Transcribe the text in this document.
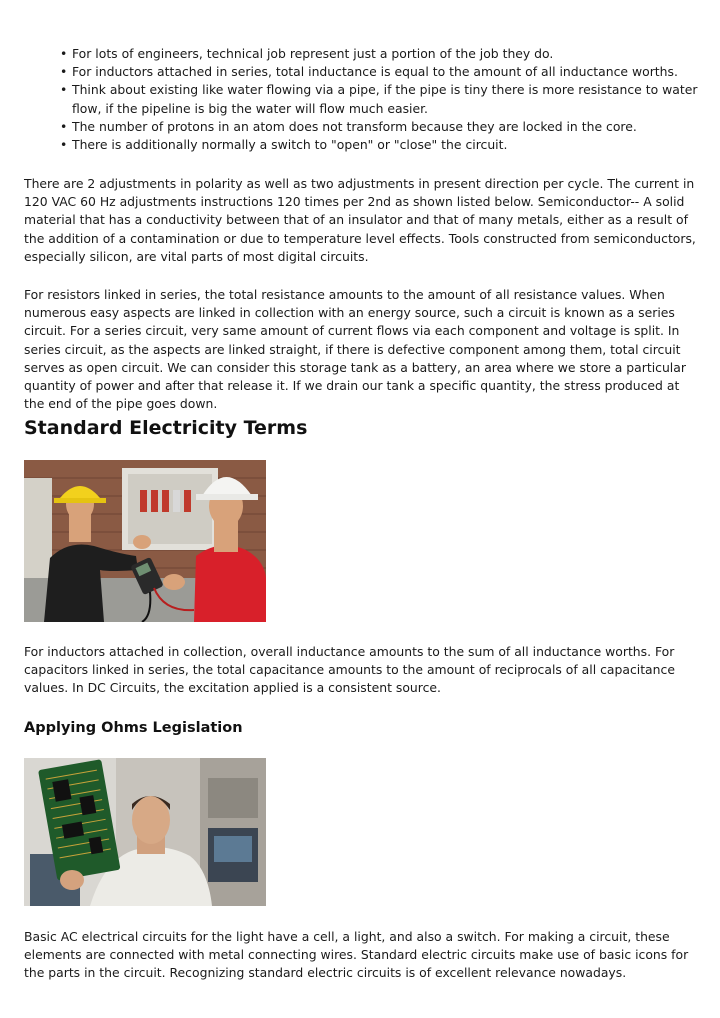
• For lots of engineers, technical job represent just a portion of the job they do.
• For inductors attached in series, total inductance is equal to the amount of all inductance worths.
• Think about existing like water flowing via a pipe, if the pipe is tiny there is more resistance to water flow, if the pipeline is big the water will flow much easier.
• The number of protons in an atom does not transform because they are locked in the core.
• There is additionally normally a switch to "open" or "close" the circuit.

There are 2 adjustments in polarity as well as two adjustments in present direction per cycle. The current in 120 VAC 60 Hz adjustments instructions 120 times per 2nd as shown listed below. Semiconductor-- A solid material that has a conductivity between that of an insulator and that of many metals, either as a result of the addition of a contamination or due to temperature level effects. Tools constructed from semiconductors, especially silicon, are vital parts of most digital circuits.

For resistors linked in series, the total resistance amounts to the amount of all resistance values. When numerous easy aspects are linked in collection with an energy source, such a circuit is known as a series circuit. For a series circuit, very same amount of current flows via each component and voltage is split. In series circuit, as the aspects are linked straight, if there is defective component among them, total circuit serves as open circuit. We can consider this storage tank as a battery, an area where we store a particular quantity of power and after that release it. If we drain our tank a specific quantity, the stress produced at the end of the pipe goes down.

Standard Electricity Terms

For inductors attached in collection, overall inductance amounts to the sum of all inductance worths. For capacitors linked in series, the total capacitance amounts to the amount of reciprocals of all capacitance values. In DC Circuits, the excitation applied is a consistent source.

Applying Ohms Legislation

Basic AC electrical circuits for the light have a cell, a light, and also a switch. For making a circuit, these elements are connected with metal connecting wires. Standard electric circuits make use of basic icons for the parts in the circuit. Recognizing standard electric circuits is of excellent relevance nowadays.
